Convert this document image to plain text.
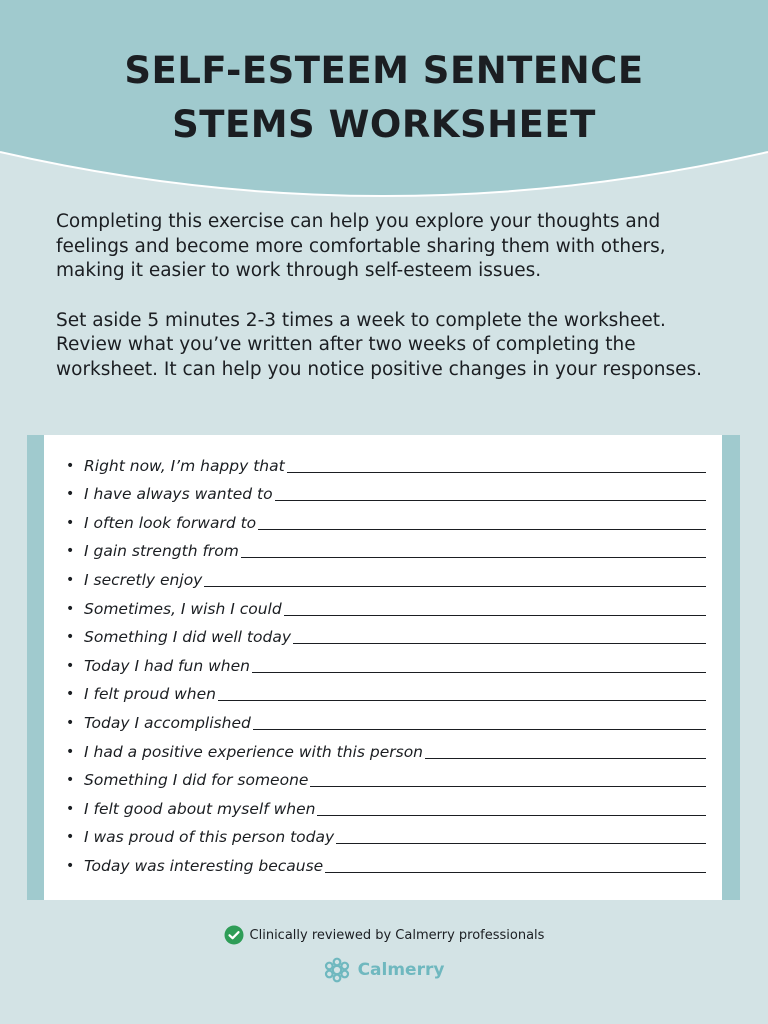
SELF-ESTEEM SENTENCE
STEMS WORKSHEET

Completing this exercise can help you explore your thoughts and feelings and become more comfortable sharing them with others, making it easier to work through self-esteem issues.

Set aside 5 minutes 2-3 times a week to complete the worksheet. Review what you’ve written after two weeks of completing the worksheet. It can help you notice positive changes in your responses.

• Right now, I’m happy that
• I have always wanted to
• I often look forward to
• I gain strength from
• I secretly enjoy
• Sometimes, I wish I could
• Something I did well today
• Today I had fun when
• I felt proud when
• Today I accomplished
• I had a positive experience with this person
• Something I did for someone
• I felt good about myself when
• I was proud of this person today
• Today was interesting because
Clinically reviewed by Calmerry professionals
Calmerry
